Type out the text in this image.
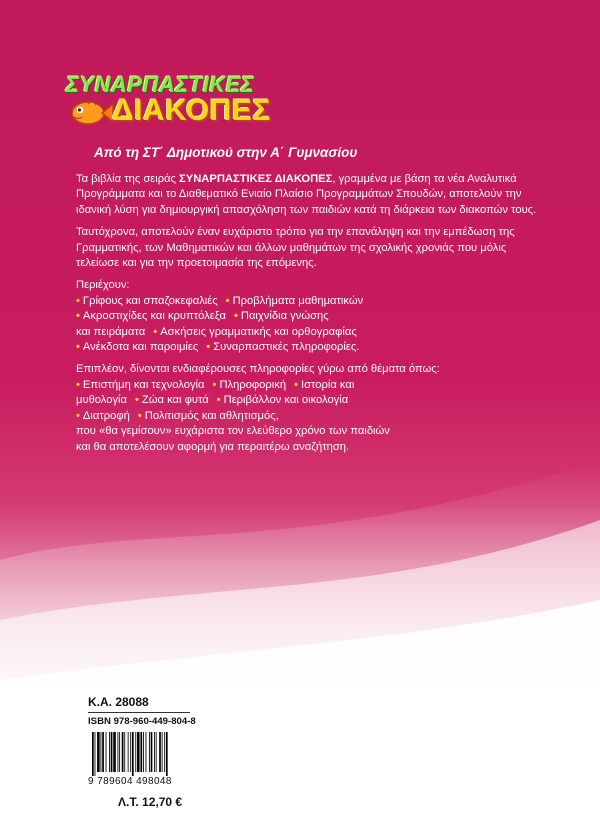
ΣΥΝΑΡΠΑΣΤΙΚΕΣ
ΔΙΑΚΟΠΕΣ
Από τη ΣΤ΄ Δημοτικού στην Α΄ Γυμνασίου

Τα βιβλία της σειράς ΣΥΝΑΡΠΑΣΤΙΚΕΣ ΔΙΑΚΟΠΕΣ, γραμμένα με βάση τα νέα Αναλυτικά Προγράμματα και το Διαθεματικό Ενιαίο Πλαίσιο Προγραμμάτων Σπουδών, αποτελούν την ιδανική λύση για δημιουργική απασχόληση των παιδιών κατά τη διάρκεια των διακοπών τους.

Ταυτόχρονα, αποτελούν έναν ευχάριστο τρόπο για την επανάληψη και την εμπέδωση της Γραμματικής, των Μαθηματικών και άλλων μαθημάτων της σχολικής χρονιάς που μόλις τελείωσε και για την προετοιμασία της επόμενης.

Περιέχουν:
• Γρίφους και σπαζοκεφαλιές • Προβλήματα μαθηματικών
• Ακροστιχίδες και κρυπτόλεξα • Παιχνίδια γνώσης
και πειράματα • Ασκήσεις γραμματικής και ορθογραφίας
• Ανέκδοτα και παροιμίες • Συναρπαστικές πληροφορίες.
Επιπλέον, δίνονται ενδιαφέρουσες πληροφορίες γύρω από θέματα όπως:
• Επιστήμη και τεχνολογία • Πληροφορική • Ιστορία και
μυθολογία • Ζώα και φυτά • Περιβάλλον και οικολογία
• Διατροφή • Πολιτισμός και αθλητισμός,
που «θα γεμίσουν» ευχάριστα τον ελεύθερο χρόνο των παιδιών
και θα αποτελέσουν αφορμή για περαιτέρω αναζήτηση.
Κ.Α. 28088
ISBN 978-960-449-804-8
9 789604 498048
Λ.Τ. 12,70 €
